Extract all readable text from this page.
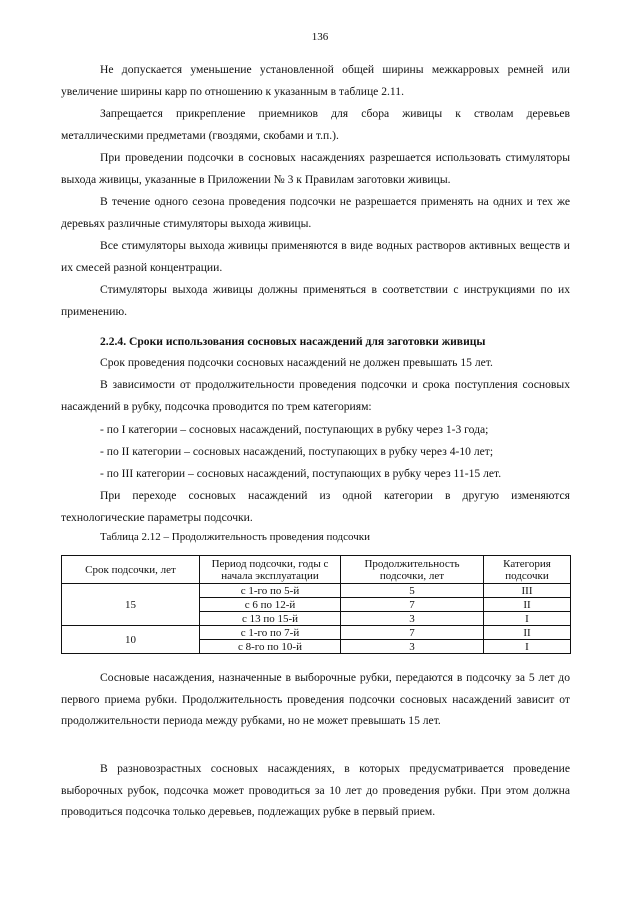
136

Не допускается уменьшение установленной общей ширины межкарровых ремней или увеличение ширины карр по отношению к указанным в таблице 2.11.

Запрещается прикрепление приемников для сбора живицы к стволам деревьев металлическими предметами (гвоздями, скобами и т.п.).

При проведении подсочки в сосновых насаждениях разрешается использовать стимуляторы выхода живицы, указанные в Приложении № 3 к Правилам заготовки живицы.

В течение одного сезона проведения подсочки не разрешается применять на одних и тех же деревьях различные стимуляторы выхода живицы.

Все стимуляторы выхода живицы применяются в виде водных растворов активных веществ и их смесей разной концентрации.

Стимуляторы выхода живицы должны применяться в соответствии с инструкциями по их применению.

2.2.4. Сроки использования сосновых насаждений для заготовки живицы

Срок проведения подсочки сосновых насаждений не должен превышать 15 лет.

В зависимости от продолжительности проведения подсочки и срока поступления сосновых насаждений в рубку, подсочка проводится по трем категориям:

- по I категории – сосновых насаждений, поступающих в рубку через 1-3 года;

- по II категории – сосновых насаждений, поступающих в рубку через 4-10 лет;

- по III категории – сосновых насаждений, поступающих в рубку через 11-15 лет.

При переходе сосновых насаждений из одной категории в другую изменяются технологические параметры подсочки.

Таблица 2.12 – Продолжительность проведения подсочки
Срок подсочки, лет	Период подсочки, годы с начала эксплуатации	Продолжительность подсочки, лет	Категория подсочки
15	с 1-го по 5-й	5	III
	с 6 по 12-й	7	II
	с 13 по 15-й	3	I
10	с 1-го по 7-й	7	II
	с 8-го по 10-й	3	I

Сосновые насаждения, назначенные в выборочные рубки, передаются в подсочку за 5 лет до первого приема рубки. Продолжительность проведения подсочки сосновых насаждений зависит от продолжительности периода между рубками, но не может превышать 15 лет.

В разновозрастных сосновых насаждениях, в которых предусматривается проведение выборочных рубок, подсочка может проводиться за 10 лет до проведения рубки. При этом должна проводиться подсочка только деревьев, подлежащих рубке в первый прием.
